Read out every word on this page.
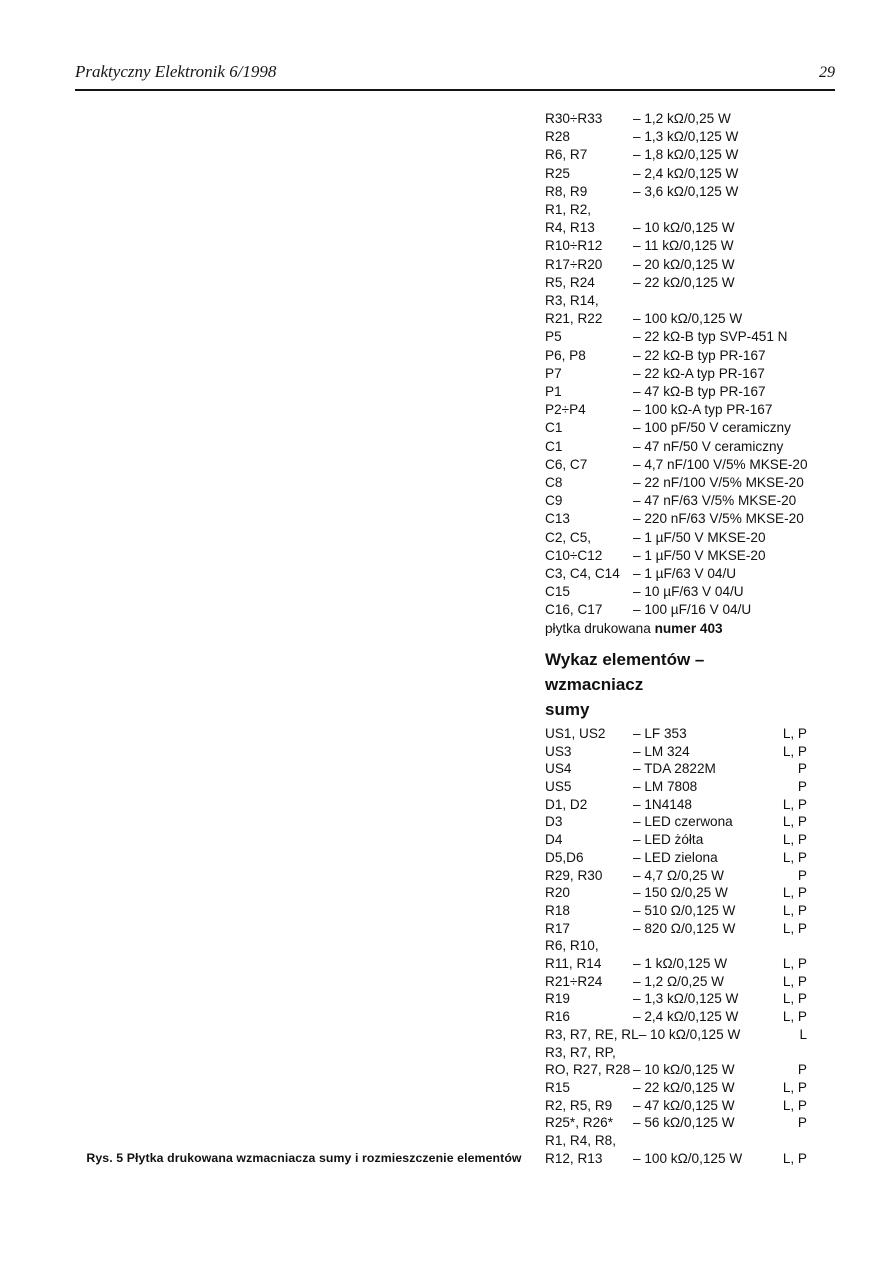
Praktyczny Elektronik 6/1998	29
Rys. 5 Płytka drukowana wzmacniacza sumy i rozmieszczenie elementów
R30÷R33	– 1,2 kΩ/0,25 W
R28	– 1,3 kΩ/0,125 W
R6, R7	– 1,8 kΩ/0,125 W
R25	– 2,4 kΩ/0,125 W
R8, R9	– 3,6 kΩ/0,125 W
R1, R2,
R4, R13	– 10 kΩ/0,125 W
R10÷R12	– 11 kΩ/0,125 W
R17÷R20	– 20 kΩ/0,125 W
R5, R24	– 22 kΩ/0,125 W
R3, R14,
R21, R22	– 100 kΩ/0,125 W
P5	– 22 kΩ-B typ SVP-451 N
P6, P8	– 22 kΩ-B typ PR-167
P7	– 22 kΩ-A typ PR-167
P1	– 47 kΩ-B typ PR-167
P2÷P4	– 100 kΩ-A typ PR-167
C1	– 100 pF/50 V ceramiczny
C1	– 47 nF/50 V ceramiczny
C6, C7	– 4,7 nF/100 V/5% MKSE-20
C8	– 22 nF/100 V/5% MKSE-20
C9	– 47 nF/63 V/5% MKSE-20
C13	– 220 nF/63 V/5% MKSE-20
C2, C5,	– 1 µF/50 V MKSE-20
C10÷C12	– 1 µF/50 V MKSE-20
C3, C4, C14 – 1 µF/63 V 04/U
C15	– 10 µF/63 V 04/U
C16, C17	– 100 µF/16 V 04/U
płytka drukowana numer 403
Wykaz elementów – wzmacniacz
sumy
US1, US2	– LF 353	L, P
US3	– LM 324	L, P
US4	– TDA 2822M	P
US5	– LM 7808	P
D1, D2	– 1N4148	L, P
D3	– LED czerwona	L, P
D4	– LED żółta	L, P
D5,D6	– LED zielona	L, P
R29, R30	– 4,7 Ω/0,25 W	P
R20	– 150 Ω/0,25 W	L, P
R18	– 510 Ω/0,125 W	L, P
R17	– 820 Ω/0,125 W	L, P
R6, R10,
R11, R14	– 1 kΩ/0,125 W	L, P
R21÷R24	– 1,2 Ω/0,25 W	L, P
R19	– 1,3 kΩ/0,125 W	L, P
R16	– 2,4 kΩ/0,125 W	L, P
R3, R7, RE, RL – 10 kΩ/0,125 W	L
R3, R7, RP,
RO, R27, R28 – 10 kΩ/0,125 W	P
R15	– 22 kΩ/0,125 W	L, P
R2, R5, R9	– 47 kΩ/0,125 W	L, P
R25*, R26*	– 56 kΩ/0,125 W	P
R1, R4, R8,
R12, R13	– 100 kΩ/0,125 W	L, P
